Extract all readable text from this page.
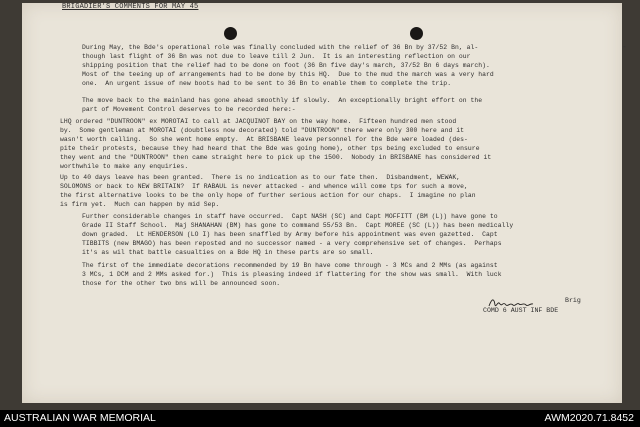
BRIGADIER'S COMMENTS FOR MAY 45
-
During May, the Bde's operational role was finally concluded with the relief of 36 Bn by 37/52 Bn, al-
though last flight of 36 Bn was not due to leave till 2 Jun.  It is an interesting reflection on our
shipping position that the relief had to be done on foot (36 Bn five day's march, 37/52 Bn 6 days march).
Most of the teeing up of arrangements had to be done by this HQ.  Due to the mud the march was a very hard
one.  An urgent issue of new boots had to be sent to 36 Bn to enable them to complete the trip.
The move back to the mainland has gone ahead smoothly if slowly.  An exceptionally bright effort on the
part of Movement Control deserves to be recorded here:-
LHQ ordered "DUNTROON" ex MOROTAI to call at JACQUINOT BAY on the way home.  Fifteen hundred men stood
by.  Some gentleman at MOROTAI (doubtless now decorated) told "DUNTROON" there were only 300 here and it
wasn't worth calling.  So she went home empty.  At BRISBANE leave personnel for the Bde were loaded (des-
pite their protests, because they had heard that the Bde was going home), other tps being excluded to ensure
they went and the "DUNTROON" then came straight here to pick up the 1500.  Nobody in BRISBANE has considered it
worthwhile to make any enquiries.
Up to 40 days leave has been granted.  There is no indication as to our fate then.  Disbandment, WEWAK,
SOLOMONS or back to NEW BRITAIN?  If RABAUL is never attacked - and whence will come tps for such a move,
the first alternative looks to be the only hope of further serious action for our chaps.  I imagine no plan
is firm yet.  Much can happen by mid Sep.
Further considerable changes in staff have occurred.  Capt NASH (SC) and Capt MOFFITT (BM (L)) have gone to
Grade II Staff School.  Maj SHANAHAN (BM) has gone to command 55/53 Bn.  Capt MOREE (SC (L)) has been medically
down graded.  Lt HENDERSON (LO I) has been snaffled by Army before his appointment was even gazetted.  Capt
TIBBITS (new BMAGO) has been reposted and no successor named - a very comprehensive set of changes.  Perhaps
it's as wil that battle casualties on a Bde HQ in these parts are so small.
The first of the immediate decorations recommended by 19 Bn have come through - 3 MCs and 2 MMs (as against
3 MCs, 1 DCM and 2 MMs asked for.)  This is pleasing indeed if flattering for the show was small.  With luck
those for the other two bns will be announced soon.
Brig
COMD 6 AUST INF BDE
AUSTRALIAN WAR MEMORIAL	AWM2020.71.8452
